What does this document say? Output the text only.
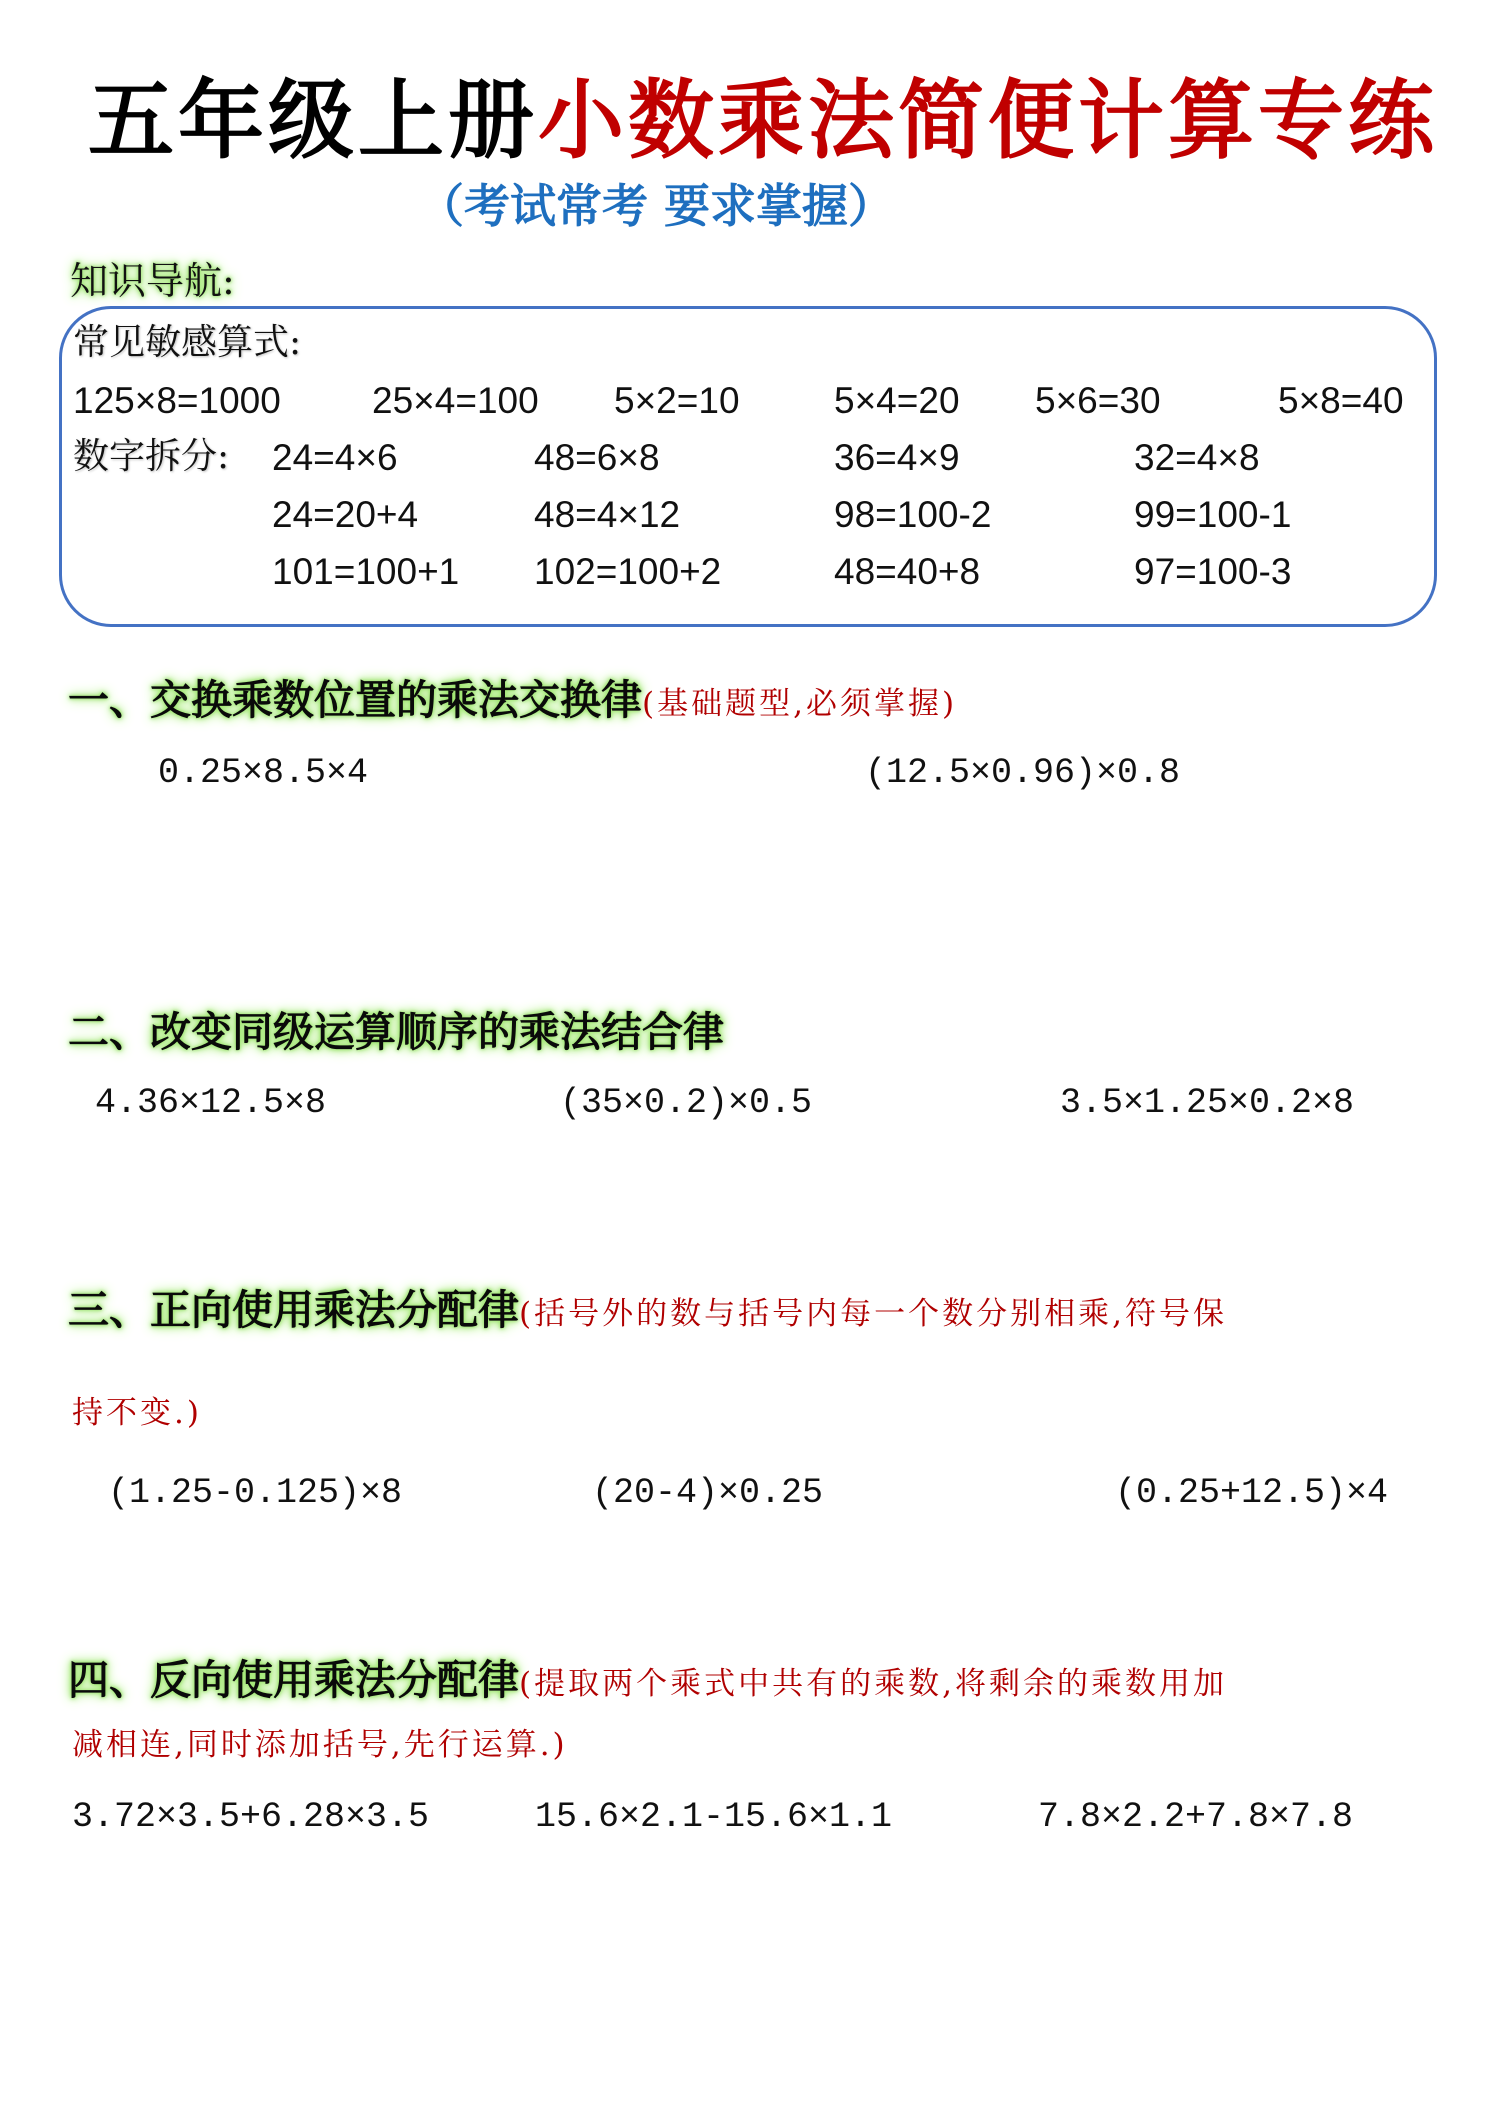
五年级上册小数乘法简便计算专练
（考试常考 要求掌握）
知识导航:
常见敏感算式:
125×8=1000 25×4=100 5×2=10	5×4=20 5×6=30	5×8=40
数字拆分: 24=4×6	48=6×8	36=4×9	32=4×8
24=20+4	48=4×12	98=100-2	99=100-1
101=100+1 102=100+2	48=40+8	97=100-3
一、交换乘数位置的乘法交换律(基础题型,必须掌握)
0.25×8.5×4	(12.5×0.96)×0.8
二、改变同级运算顺序的乘法结合律
4.36×12.5×8	(35×0.2)×0.5	3.5×1.25×0.2×8
三、正向使用乘法分配律(括号外的数与括号内每一个数分别相乘,符号保
持不变.)
(1.25-0.125)×8	(20-4)×0.25	(0.25+12.5)×4
四、反向使用乘法分配律(提取两个乘式中共有的乘数,将剩余的乘数用加
减相连,同时添加括号,先行运算.)
3.72×3.5+6.28×3.5	15.6×2.1-15.6×1.1	7.8×2.2+7.8×7.8
